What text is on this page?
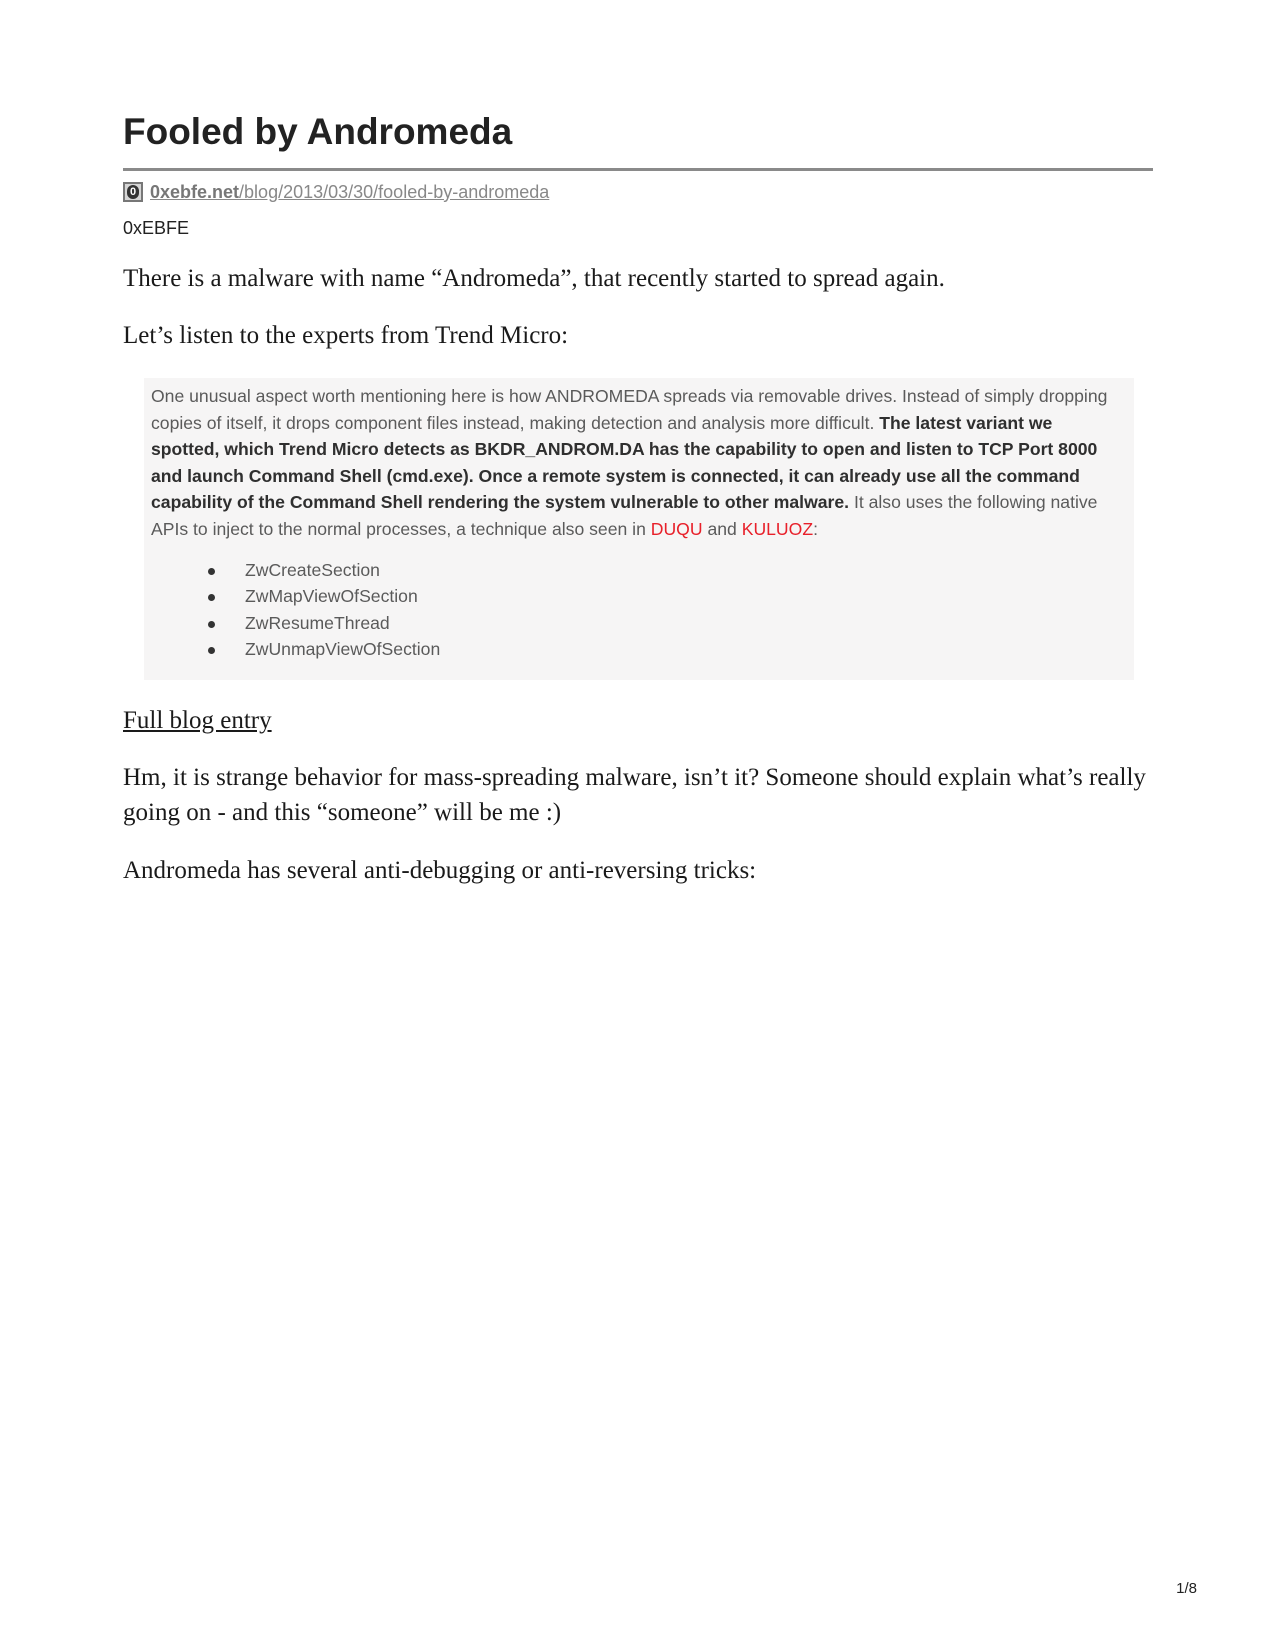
Fooled by Andromeda
0 0xebfe.net/blog/2013/03/30/fooled-by-andromeda
0xEBFE

There is a malware with name “Andromeda”, that recently started to spread again.

Let’s listen to the experts from Trend Micro:

One unusual aspect worth mentioning here is how ANDROMEDA spreads via removable drives. Instead of simply dropping copies of itself, it drops component files instead, making detection and analysis more difficult. The latest variant we spotted, which Trend Micro detects as BKDR_ANDROM.DA has the capability to open and listen to TCP Port 8000 and launch Command Shell (cmd.exe). Once a remote system is connected, it can already use all the command capability of the Command Shell rendering the system vulnerable to other malware. It also uses the following native APIs to inject to the normal processes, a technique also seen in DUQU and KULUOZ:
ZwCreateSection
ZwMapViewOfSection
ZwResumeThread
ZwUnmapViewOfSection
Full blog entry

Hm, it is strange behavior for mass-spreading malware, isn’t it? Someone should explain what’s really going on - and this “someone” will be me :)

Andromeda has several anti-debugging or anti-reversing tricks:

1/8
